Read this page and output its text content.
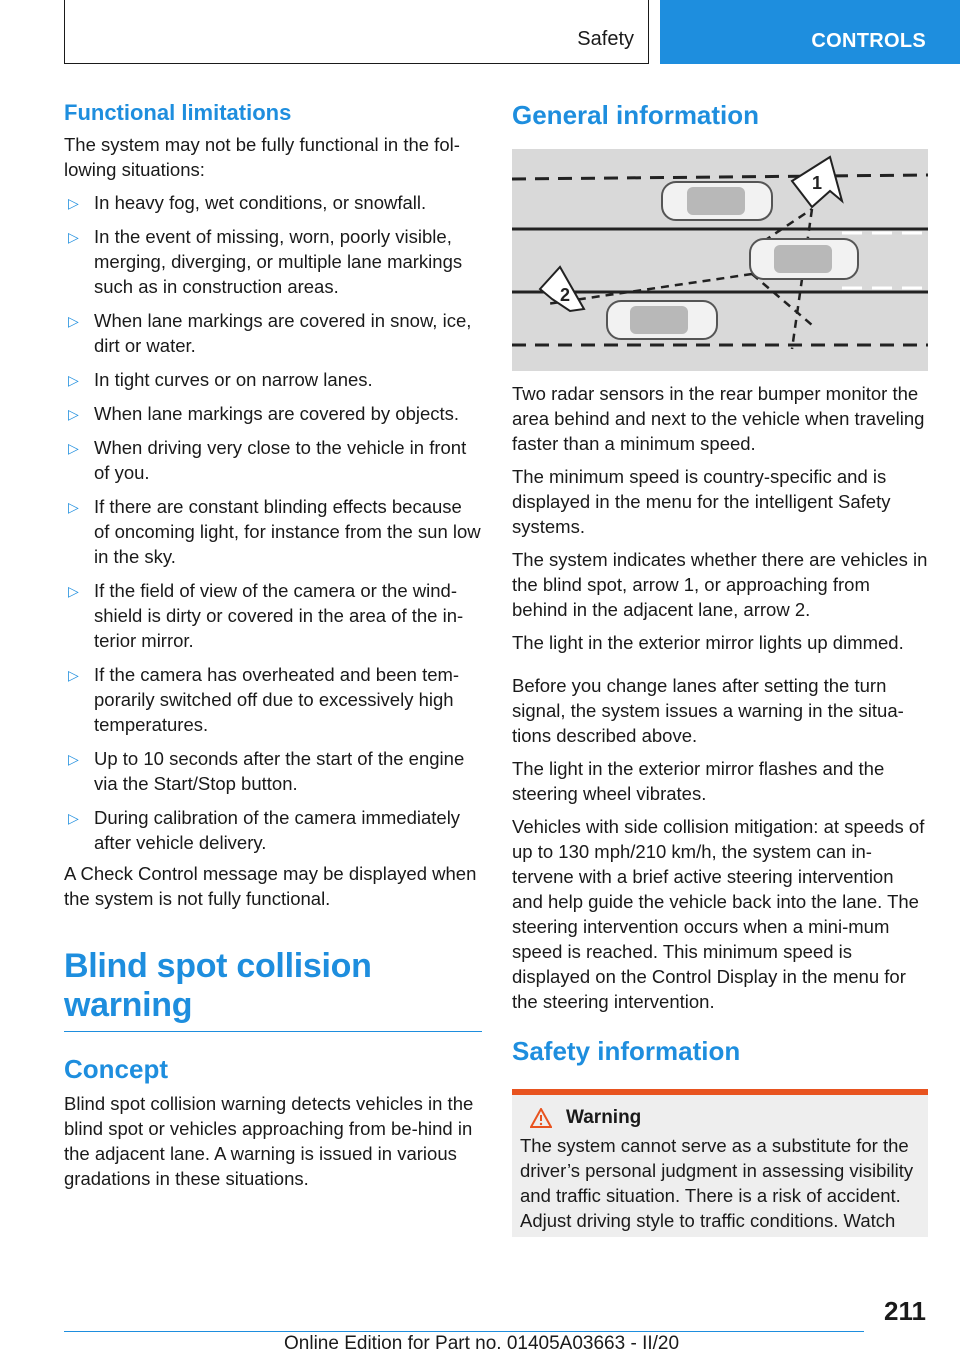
Safety	CONTROLS
Functional limitations

The system may not be fully functional in the fol-lowing situations:

▷ In heavy fog, wet conditions, or snowfall.
▷ In the event of missing, worn, poorly visible, merging, diverging, or multiple lane markings such as in construction areas.
▷ When lane markings are covered in snow, ice, dirt or water.
▷ In tight curves or on narrow lanes.
▷ When lane markings are covered by objects.
▷ When driving very close to the vehicle in front of you.
▷ If there are constant blinding effects because of oncoming light, for instance from the sun low in the sky.
▷ If the field of view of the camera or the wind-shield is dirty or covered in the area of the in-terior mirror.
▷ If the camera has overheated and been tem-porarily switched off due to excessively high temperatures.
▷ Up to 10 seconds after the start of the engine via the Start/Stop button.
▷ During calibration of the camera immediately after vehicle delivery.

A Check Control message may be displayed when the system is not fully functional.

Blind spot collision warning
Concept

Blind spot collision warning detects vehicles in the blind spot or vehicles approaching from be-hind in the adjacent lane. A warning is issued in various gradations in these situations.

General information
1
2

Two radar sensors in the rear bumper monitor the area behind and next to the vehicle when traveling faster than a minimum speed.

The minimum speed is country-specific and is displayed in the menu for the intelligent Safety systems.

The system indicates whether there are vehicles in the blind spot, arrow 1, or approaching from behind in the adjacent lane, arrow 2.

The light in the exterior mirror lights up dimmed.

Before you change lanes after setting the turn signal, the system issues a warning in the situa-tions described above.

The light in the exterior mirror flashes and the steering wheel vibrates.

Vehicles with side collision mitigation: at speeds of up to 130 mph/210 km/h, the system can in-tervene with a brief active steering intervention and help guide the vehicle back into the lane. The steering intervention occurs when a mini-mum speed is reached. This minimum speed is displayed on the Control Display in the menu for the steering intervention.

Safety information
Warning

The system cannot serve as a substitute for the driver’s personal judgment in assessing visibility and traffic situation. There is a risk of accident. Adjust driving style to traffic conditions. Watch

211
Online Edition for Part no. 01405A03663 - II/20
